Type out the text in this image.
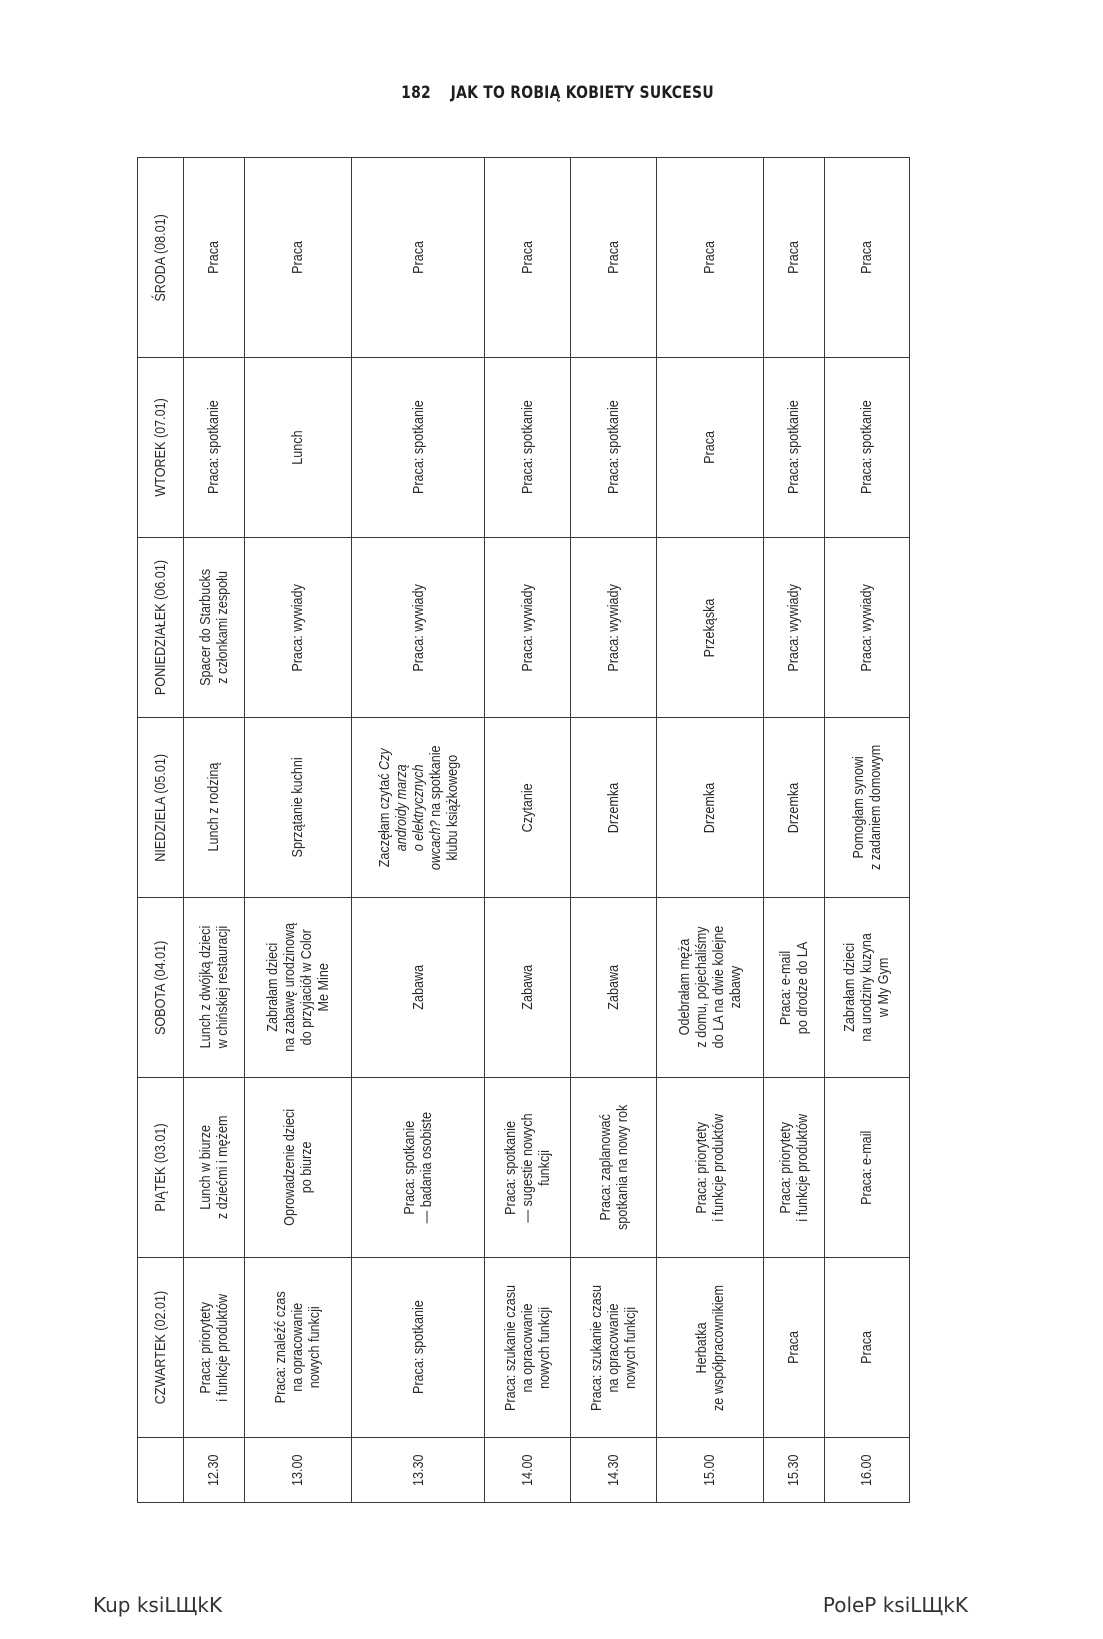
182 JAK TO ROBIĄ KOBIETY SUKCESU
	CZWARTEK (02.01)	PIĄTEK (03.01)	SOBOTA (04.01)	NIEDZIELA (05.01)	PONIEDZIAŁEK (06.01)	WTOREK (07.01)	ŚRODA (08.01)
12.30	Praca: priorytety
i funkcje produktów	Lunch w biurze
z dziećmi i mężem	Lunch z dwójką dzieci
w chińskiej restauracji	Lunch z rodziną	Spacer do Starbucks
z członkami zespołu	Praca: spotkanie	Praca
13.00	Praca: znaleźć czas
na opracowanie
nowych funkcji	Oprowadzenie dzieci
po biurze	Zabrałam dzieci
na zabawę urodzinową
do przyjaciół w Color
Me Mine	Sprzątanie kuchni	Praca: wywiady	Lunch	Praca
13.30	Praca: spotkanie	Praca: spotkanie
— badania osobiste	Zabawa	Zaczęłam czytać Czy
androidy marzą
o elektrycznych
owcach? na spotkanie
klubu książkowego	Praca: wywiady	Praca: spotkanie	Praca
14.00	Praca: szukanie czasu
na opracowanie
nowych funkcji	Praca: spotkanie
— sugestie nowych
funkcji	Zabawa	Czytanie	Praca: wywiady	Praca: spotkanie	Praca
14.30	Praca: szukanie czasu
na opracowanie
nowych funkcji	Praca: zaplanować
spotkania na nowy rok	Zabawa	Drzemka	Praca: wywiady	Praca: spotkanie	Praca
15.00	Herbatka
ze współpracownikiem	Praca: priorytety
i funkcje produktów	Odebrałam męża
z domu, pojechaliśmy
do LA na dwie kolejne
zabawy	Drzemka	Przekąska	Praca	Praca
15.30	Praca	Praca: priorytety
i funkcje produktów	Praca: e-mail
po drodze do LA	Drzemka	Praca: wywiady	Praca: spotkanie	Praca
16.00	Praca	Praca: e-mail	Zabrałam dzieci
na urodziny kuzyna
w My Gym	Pomogłam synowi
z zadaniem domowym	Praca: wywiady	Praca: spotkanie	Praca
Kup ksiLЩkK	PoleP ksiLЩkK
